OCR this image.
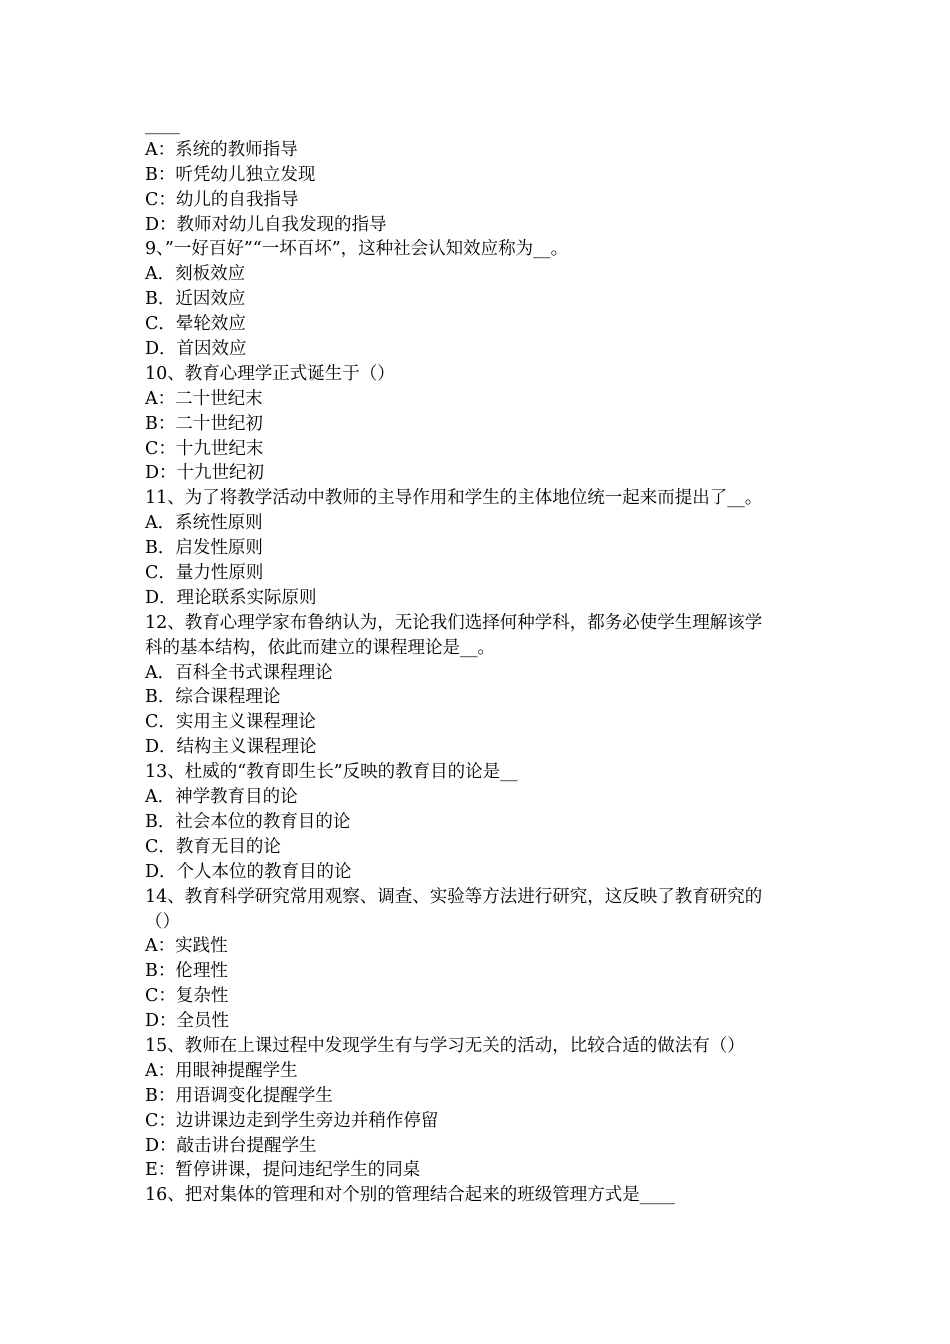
____

A：系统的教师指导

B：听凭幼儿独立发现

C：幼儿的自我指导

D：教师对幼儿自我发现的指导

9、”一好百好”“一坏百坏”，这种社会认知效应称为__。

A．刻板效应

B．近因效应

C．晕轮效应

D．首因效应

10、教育心理学正式诞生于（）

A：二十世纪末

B：二十世纪初

C：十九世纪末

D：十九世纪初

11、为了将教学活动中教师的主导作用和学生的主体地位统一起来而提出了__。

A．系统性原则

B．启发性原则

C．量力性原则

D．理论联系实际原则

12、教育心理学家布鲁纳认为，无论我们选择何种学科，都务必使学生理解该学

科的基本结构，依此而建立的课程理论是__。

A．百科全书式课程理论

B．综合课程理论

C．实用主义课程理论

D．结构主义课程理论

13、杜威的“教育即生长”反映的教育目的论是__

A．神学教育目的论

B．社会本位的教育目的论

C．教育无目的论

D．个人本位的教育目的论

14、教育科学研究常用观察、调查、实验等方法进行研究，这反映了教育研究的

（）

A：实践性

B：伦理性

C：复杂性

D：全员性

15、教师在上课过程中发现学生有与学习无关的活动，比较合适的做法有（）

A：用眼神提醒学生

B：用语调变化提醒学生

C：边讲课边走到学生旁边并稍作停留

D：敲击讲台提醒学生

E：暂停讲课，提问违纪学生的同桌

16、把对集体的管理和对个别的管理结合起来的班级管理方式是____
